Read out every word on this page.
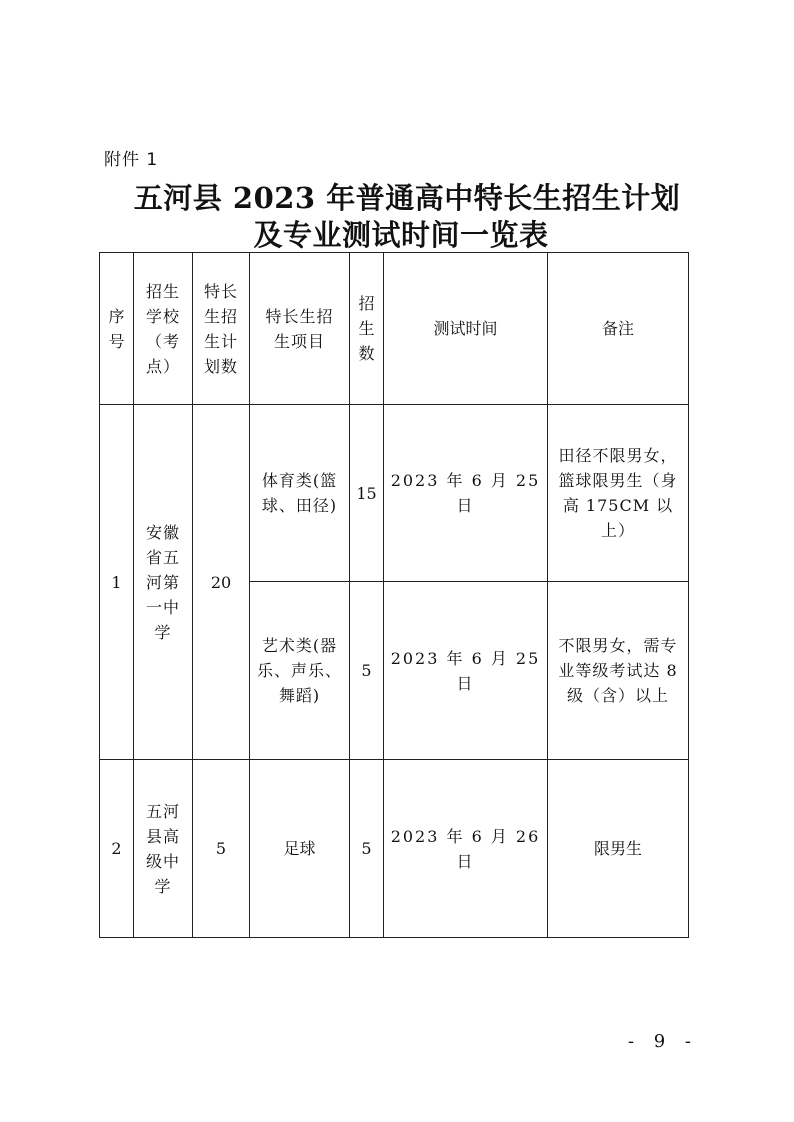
附件 1
五河县 2023 年普通高中特长生招生计划
及专业测试时间一览表
序号	招生学校（考点）	特长生招生计划数	特长生招生项目	招生数	测试时间	备注
1	安徽省五河第一中学	20	体育类(篮球、田径)	15	2023 年 6 月 25 日	田径不限男女，篮球限男生（身高 175CM 以上）
			艺术类(器乐、声乐、舞蹈)	5	2023 年 6 月 25 日	不限男女，需专业等级考试达 8 级（含）以上
2	五河县高级中学	5	足球	5	2023 年 6 月 26 日	限男生
- 9 -
